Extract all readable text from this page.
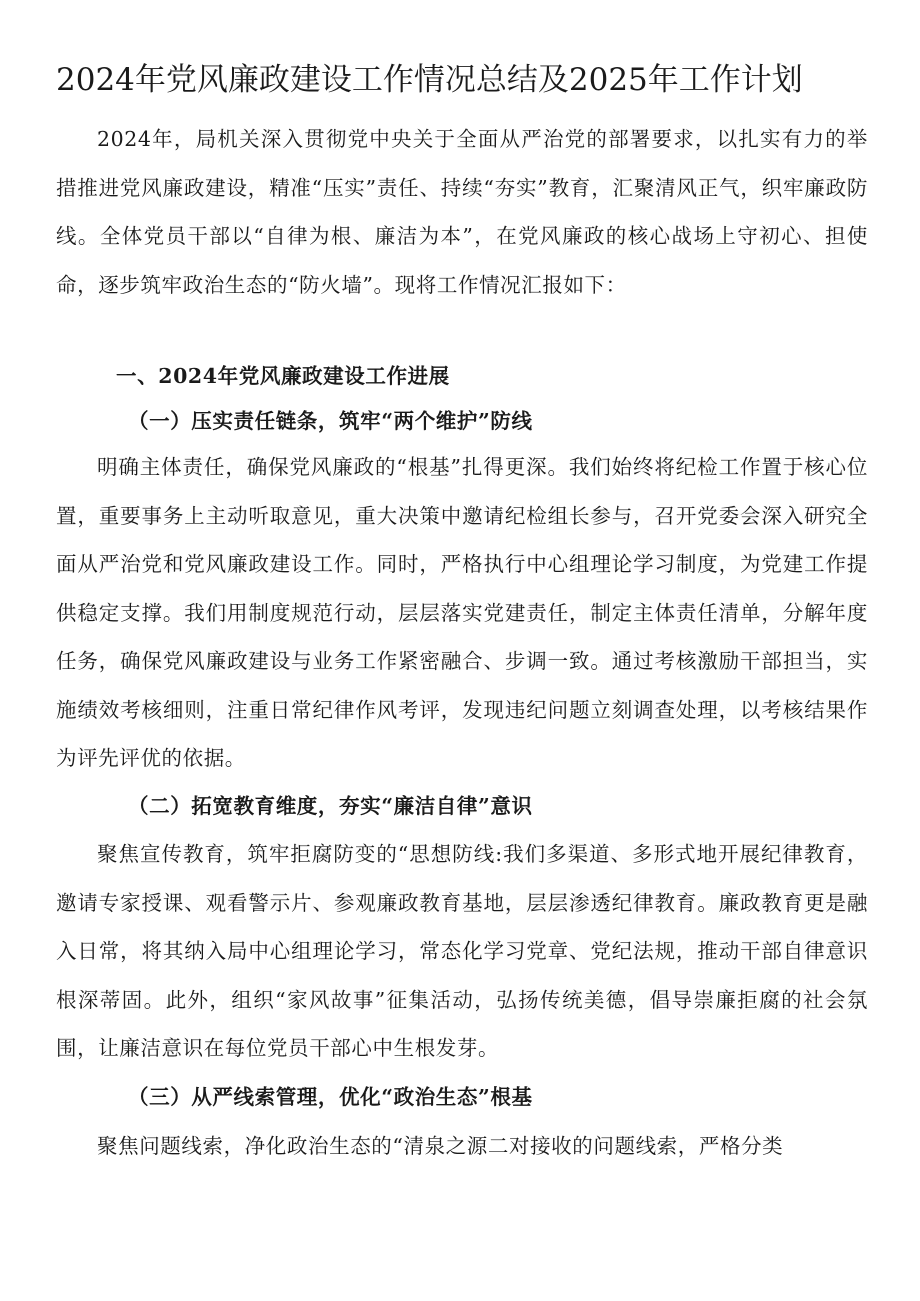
2024年党风廉政建设工作情况总结及2025年工作计划

2024年，局机关深入贯彻党中央关于全面从严治党的部署要求，以扎实有力的举措推进党风廉政建设，精准“压实”责任、持续“夯实”教育，汇聚清风正气，织牢廉政防线。全体党员干部以“自律为根、廉洁为本”，在党风廉政的核心战场上守初心、担使命，逐步筑牢政治生态的“防火墙”。现将工作情况汇报如下：

一、2024年党风廉政建设工作进展
（一）压实责任链条，筑牢“两个维护”防线

明确主体责任，确保党风廉政的“根基”扎得更深。我们始终将纪检工作置于核心位置，重要事务上主动听取意见，重大决策中邀请纪检组长参与，召开党委会深入研究全面从严治党和党风廉政建设工作。同时，严格执行中心组理论学习制度，为党建工作提供稳定支撑。我们用制度规范行动，层层落实党建责任，制定主体责任清单，分解年度任务，确保党风廉政建设与业务工作紧密融合、步调一致。通过考核激励干部担当，实施绩效考核细则，注重日常纪律作风考评，发现违纪问题立刻调查处理，以考核结果作为评先评优的依据。

（二）拓宽教育维度，夯实“廉洁自律”意识

聚焦宣传教育，筑牢拒腐防变的“思想防线:我们多渠道、多形式地开展纪律教育，邀请专家授课、观看警示片、参观廉政教育基地，层层渗透纪律教育。廉政教育更是融入日常，将其纳入局中心组理论学习，常态化学习党章、党纪法规，推动干部自律意识根深蒂固。此外，组织“家风故事”征集活动，弘扬传统美德，倡导崇廉拒腐的社会氛围，让廉洁意识在每位党员干部心中生根发芽。

（三）从严线索管理，优化“政治生态”根基

聚焦问题线索，净化政治生态的“清泉之源二对接收的问题线索，严格分类
